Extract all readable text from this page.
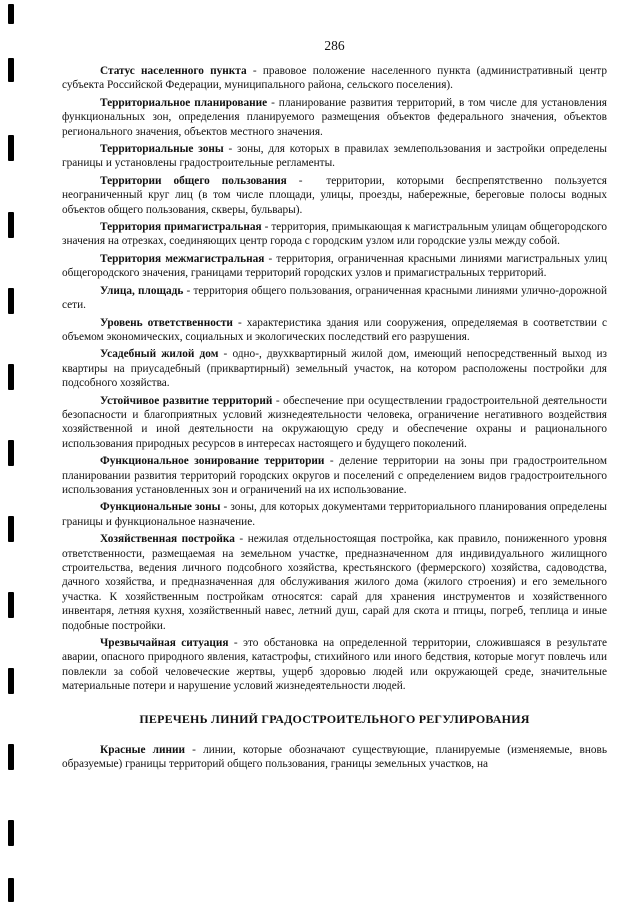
286

Статус населенного пункта - правовое положение населенного пункта (административный центр субъекта Российской Федерации, муниципального района, сельского поселения).

Территориальное планирование - планирование развития территорий, в том числе для установления функциональных зон, определения планируемого размещения объектов федерального значения, объектов регионального значения, объектов местного значения.

Территориальные зоны - зоны, для которых в правилах землепользования и застройки определены границы и установлены градостроительные регламенты.

Территории общего пользования -  территории, которыми беспрепятственно пользуется неограниченный круг лиц (в том числе площади, улицы, проезды, набережные, береговые полосы водных объектов общего пользования, скверы, бульвары).

Территория примагистральная - территория, примыкающая к магистральным улицам общегородского значения на отрезках, соединяющих центр города с городским узлом или городские узлы между собой.

Территория межмагистральная - территория, ограниченная красными линиями магистральных улиц общегородского значения, границами территорий городских узлов и примагистральных территорий.

Улица, площадь - территория общего пользования, ограниченная красными линиями улично-дорожной сети.

Уровень ответственности - характеристика здания или сооружения, определяемая в соответствии с объемом экономических, социальных и экологических последствий его разрушения.

Усадебный жилой дом - одно-, двухквартирный жилой дом, имеющий непосредственный выход из квартиры на приусадебный (приквартирный) земельный участок, на котором расположены постройки для подсобного хозяйства.

Устойчивое развитие территорий - обеспечение при осуществлении градостроительной деятельности безопасности и благоприятных условий жизнедеятельности человека, ограничение негативного воздействия хозяйственной и иной деятельности на окружающую среду и обеспечение охраны и рационального использования природных ресурсов в интересах настоящего и будущего поколений.

Функциональное зонирование территории - деление территории на зоны при градостроительном планировании развития территорий городских округов и поселений с определением видов градостроительного использования установленных зон и ограничений на их использование.

Функциональные зоны - зоны, для которых документами территориального планирования определены границы и функциональное назначение.

Хозяйственная постройка - нежилая отдельностоящая постройка, как правило, пониженного уровня ответственности, размещаемая на земельном участке, предназначенном для индивидуального жилищного строительства, ведения личного подсобного хозяйства, крестьянского (фермерского) хозяйства, садоводства, дачного хозяйства, и предназначенная для обслуживания жилого дома (жилого строения) и его земельного участка. К хозяйственным постройкам относятся: сарай для хранения инструментов и хозяйственного инвентаря, летняя кухня, хозяйственный навес, летний душ, сарай для скота и птицы, погреб, теплица и иные подобные постройки.

Чрезвычайная ситуация - это обстановка на определенной территории, сложившаяся в результате аварии, опасного природного явления, катастрофы, стихийного или иного бедствия, которые могут повлечь или повлекли за собой человеческие жертвы, ущерб здоровью людей или окружающей среде, значительные материальные потери и нарушение условий жизнедеятельности людей.

ПЕРЕЧЕНЬ ЛИНИЙ ГРАДОСТРОИТЕЛЬНОГО РЕГУЛИРОВАНИЯ

Красные линии - линии, которые обозначают существующие, планируемые (изменяемые, вновь образуемые) границы территорий общего пользования, границы земельных участков, на
